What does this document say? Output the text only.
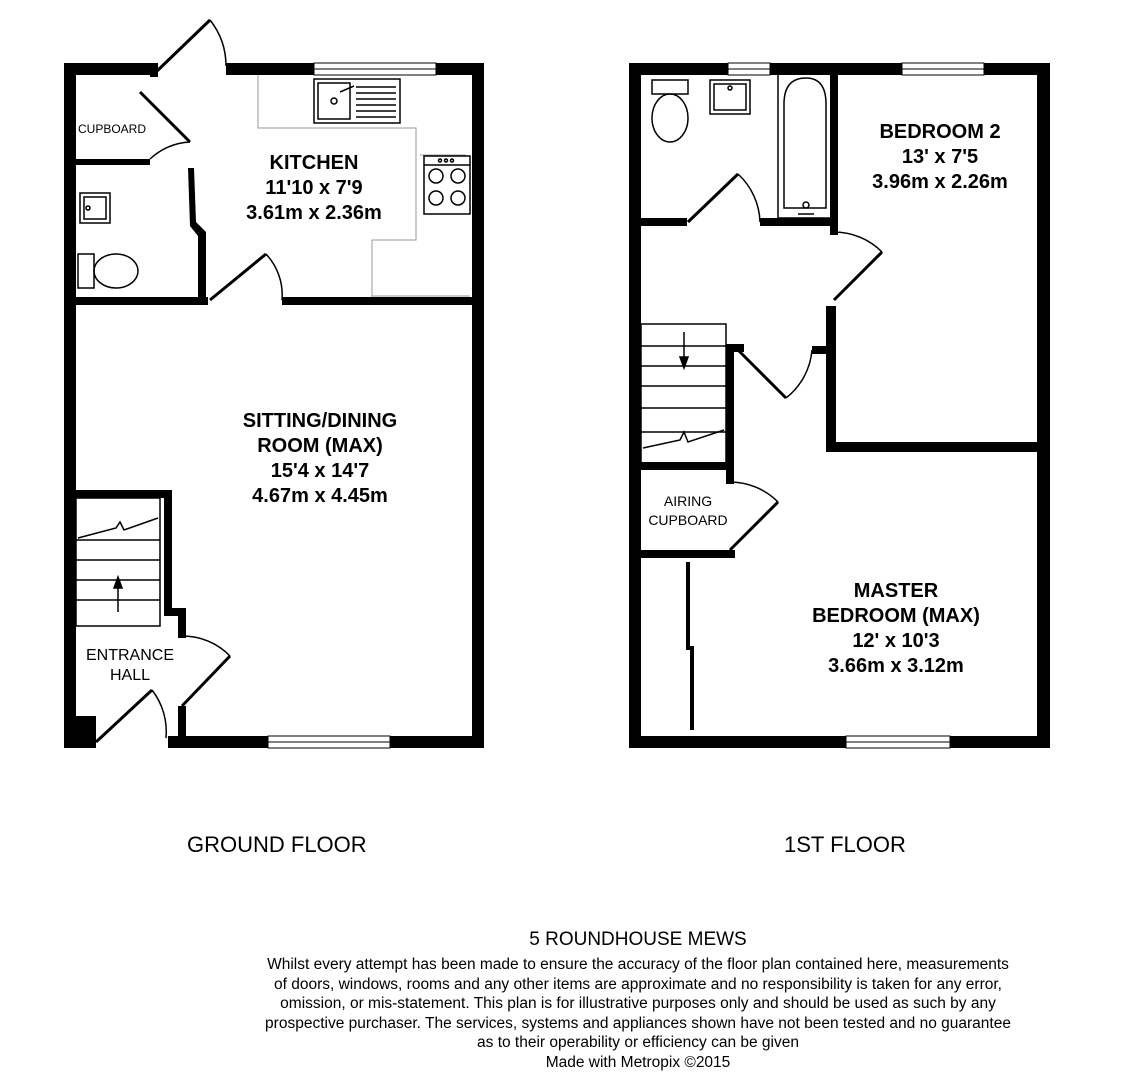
CUPBOARD
KITCHEN
11'10 x 7'9
3.61m x 2.36m
SITTING/DINING
ROOM (MAX)
15'4 x 14'7
4.67m x 4.45m
ENTRANCE
HALL
BEDROOM 2
13' x 7'5
3.96m x 2.26m
AIRING
CUPBOARD
MASTER
BEDROOM (MAX)
12' x 10'3
3.66m x 3.12m
GROUND FLOOR	1ST FLOOR
5 ROUNDHOUSE MEWS
Whilst every attempt has been made to ensure the accuracy of the floor plan contained here, measurements
of doors, windows, rooms and any other items are approximate and no responsibility is taken for any error,
omission, or mis-statement. This plan is for illustrative purposes only and should be used as such by any
prospective purchaser. The services, systems and appliances shown have not been tested and no guarantee
as to their operability or efficiency can be given
Made with Metropix ©2015
